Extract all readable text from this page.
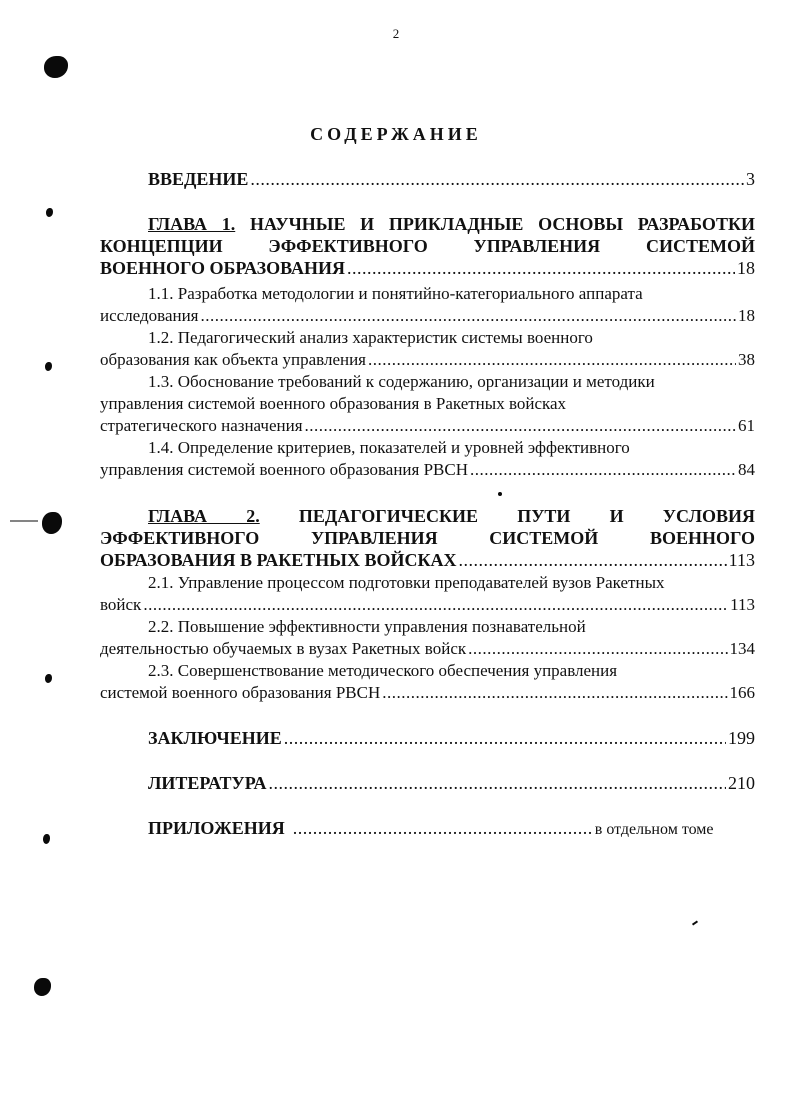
2
СОДЕРЖАНИЕ
ВВЕДЕНИЕ .....	3
ГЛАВА 1. НАУЧНЫЕ И ПРИКЛАДНЫЕ ОСНОВЫ РАЗРАБОТКИ
КОНЦЕПЦИИ ЭФФЕКТИВНОГО УПРАВЛЕНИЯ СИСТЕМОЙ
ВОЕННОГО ОБРАЗОВАНИЯ .....	18
1.1. Разработка методологии и понятийно-категориального аппарата
исследования .....	18
1.2. Педагогический анализ характеристик системы военного
образования как объекта управления .....	38
1.3. Обоснование требований к содержанию, организации и методики
управления системой военного образования в Ракетных войсках
стратегического назначения .....	61
1.4. Определение критериев, показателей и уровней эффективного
управления системой военного образования РВСН .....	84
ГЛАВА 2. ПЕДАГОГИЧЕСКИЕ ПУТИ И УСЛОВИЯ
ЭФФЕКТИВНОГО УПРАВЛЕНИЯ СИСТЕМОЙ ВОЕННОГО
ОБРАЗОВАНИЯ В РАКЕТНЫХ ВОЙСКАХ .....	113
2.1. Управление процессом подготовки преподавателей вузов Ракетных
войск .....	113
2.2. Повышение эффективности управления познавательной
деятельностью обучаемых в вузах Ракетных войск .....	134
2.3. Совершенствование методического обеспечения управления
системой военного образования РВСН .....	166
ЗАКЛЮЧЕНИЕ .....	199
ЛИТЕРАТУРА .....	210
ПРИЛОЖЕНИЯ .....	в отдельном томе
